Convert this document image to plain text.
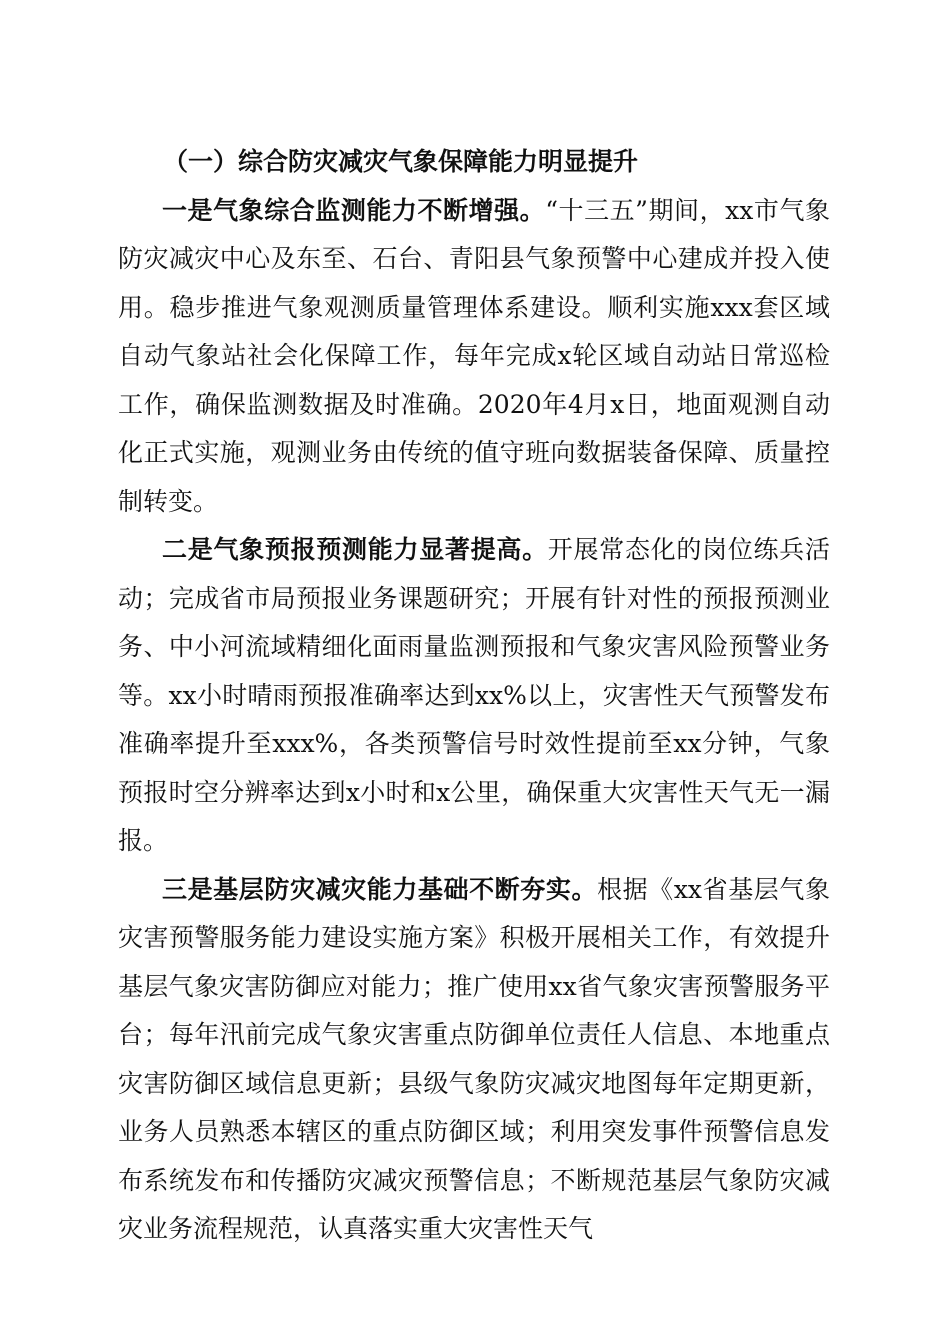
（一）综合防灾减灾气象保障能力明显提升

一是气象综合监测能力不断增强。“十三五”期间，xx市气象防灾减灾中心及东至、石台、青阳县气象预警中心建成并投入使用。稳步推进气象观测质量管理体系建设。顺利实施xxx套区域自动气象站社会化保障工作，每年完成x轮区域自动站日常巡检工作，确保监测数据及时准确。2020年4月x日，地面观测自动化正式实施，观测业务由传统的值守班向数据装备保障、质量控制转变。

二是气象预报预测能力显著提高。开展常态化的岗位练兵活动；完成省市局预报业务课题研究；开展有针对性的预报预测业务、中小河流域精细化面雨量监测预报和气象灾害风险预警业务等。xx小时晴雨预报准确率达到xx%以上，灾害性天气预警发布准确率提升至xxx%，各类预警信号时效性提前至xx分钟，气象预报时空分辨率达到x小时和x公里，确保重大灾害性天气无一漏报。

三是基层防灾减灾能力基础不断夯实。根据《xx省基层气象灾害预警服务能力建设实施方案》积极开展相关工作，有效提升基层气象灾害防御应对能力；推广使用xx省气象灾害预警服务平台；每年汛前完成气象灾害重点防御单位责任人信息、本地重点灾害防御区域信息更新；县级气象防灾减灾地图每年定期更新，业务人员熟悉本辖区的重点防御区域；利用突发事件预警信息发布系统发布和传播防灾减灾预警信息；不断规范基层气象防灾减灾业务流程规范，认真落实重大灾害性天气
